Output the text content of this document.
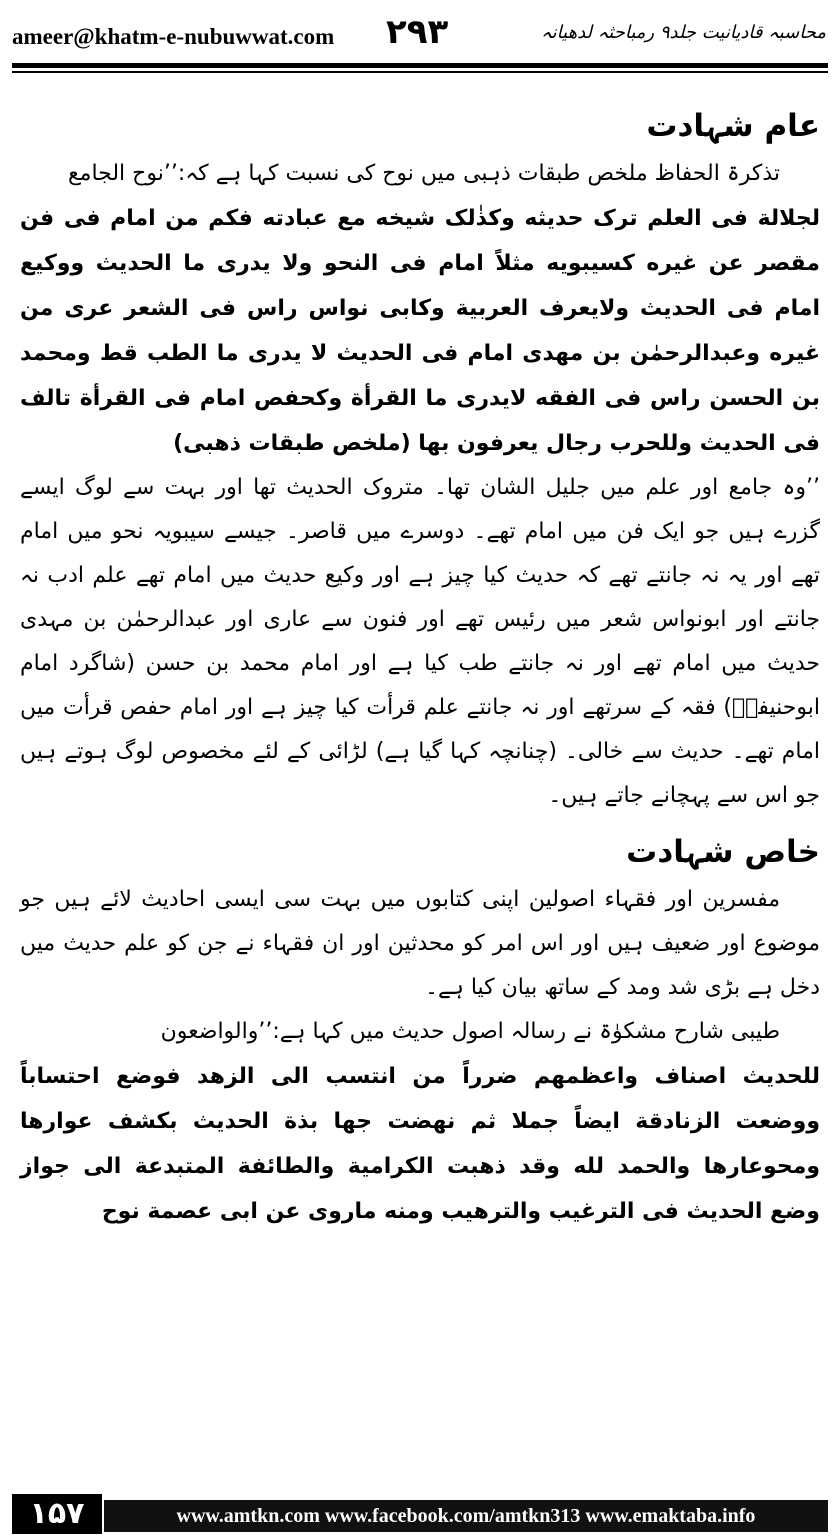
ameer@khatm-e-nubuwwat.com ۲۹۳	محاسبہ قادیانیت جلد۹ رمباحثہ لدھیانہ
عام شہادت

تذکرۃ الحفاظ ملخص طبقات ذہبی میں نوح کی نسبت کہا ہے کہ:’’نوح الجامع

لجلالة فی العلم ترک حدیثه وکذٰلک شیخه مع عبادته فکم من امام فی فن مقصر عن غیره کسیبویه مثلاً امام فی النحو ولا یدری ما الحدیث ووکیع امام فی الحدیث ولایعرف العربیة وکابی نواس راس فی الشعر عری من غیره وعبدالرحمٰن بن مهدی امام فی الحدیث لا یدری ما الطب قط ومحمد بن الحسن راس فی الفقه لایدری ما القرأة وکحفص امام فی القرأة تالف فی الحدیث وللحرب رجال یعرفون بها (ملخص طبقات ذهبی)

’’وہ جامع اور علم میں جلیل الشان تھا۔ متروک الحدیث تھا اور بہت سے لوگ ایسے گزرے ہیں جو ایک فن میں امام تھے۔ دوسرے میں قاصر۔ جیسے سیبویہ نحو میں امام تھے اور یہ نہ جانتے تھے کہ حدیث کیا چیز ہے اور وکیع حدیث میں امام تھے علم ادب نہ جانتے اور ابونواس شعر میں رئیس تھے اور فنون سے عاری اور عبدالرحمٰن بن مہدی حدیث میں امام تھے اور نہ جانتے طب کیا ہے اور امام محمد بن حسن (شاگرد امام ابوحنیفہؒ) فقہ کے سرتھے اور نہ جانتے علم قرأت کیا چیز ہے اور امام حفص قرأت میں امام تھے۔ حدیث سے خالی۔ (چنانچہ کہا گیا ہے) لڑائی کے لئے مخصوص لوگ ہوتے ہیں جو اس سے پہچانے جاتے ہیں۔

خاص شہادت

مفسرین اور فقہاء اصولین اپنی کتابوں میں بہت سی ایسی احادیث لائے ہیں جو موضوع اور ضعیف ہیں اور اس امر کو محدثین اور ان فقہاء نے جن کو علم حدیث میں دخل ہے بڑی شد ومد کے ساتھ بیان کیا ہے۔

طیبی شارح مشکوٰۃ نے رسالہ اصول حدیث میں کہا ہے:’’والواضعون

للحدیث اصناف واعظمهم ضرراً من انتسب الی الزهد فوضع احتساباً ووضعت الزنادقة ایضاً جملا ثم نهضت جها بذة الحدیث بکشف عوارها ومحوعارها والحمد لله وقد ذهبت الکرامیة والطائفة المتبدعة الی جواز وضع الحدیث فی الترغیب والترهیب ومنه ماروی عن ابی عصمة نوح

۱۵۷	www.amtkn.com www.facebook.com/amtkn313 www.emaktaba.info
